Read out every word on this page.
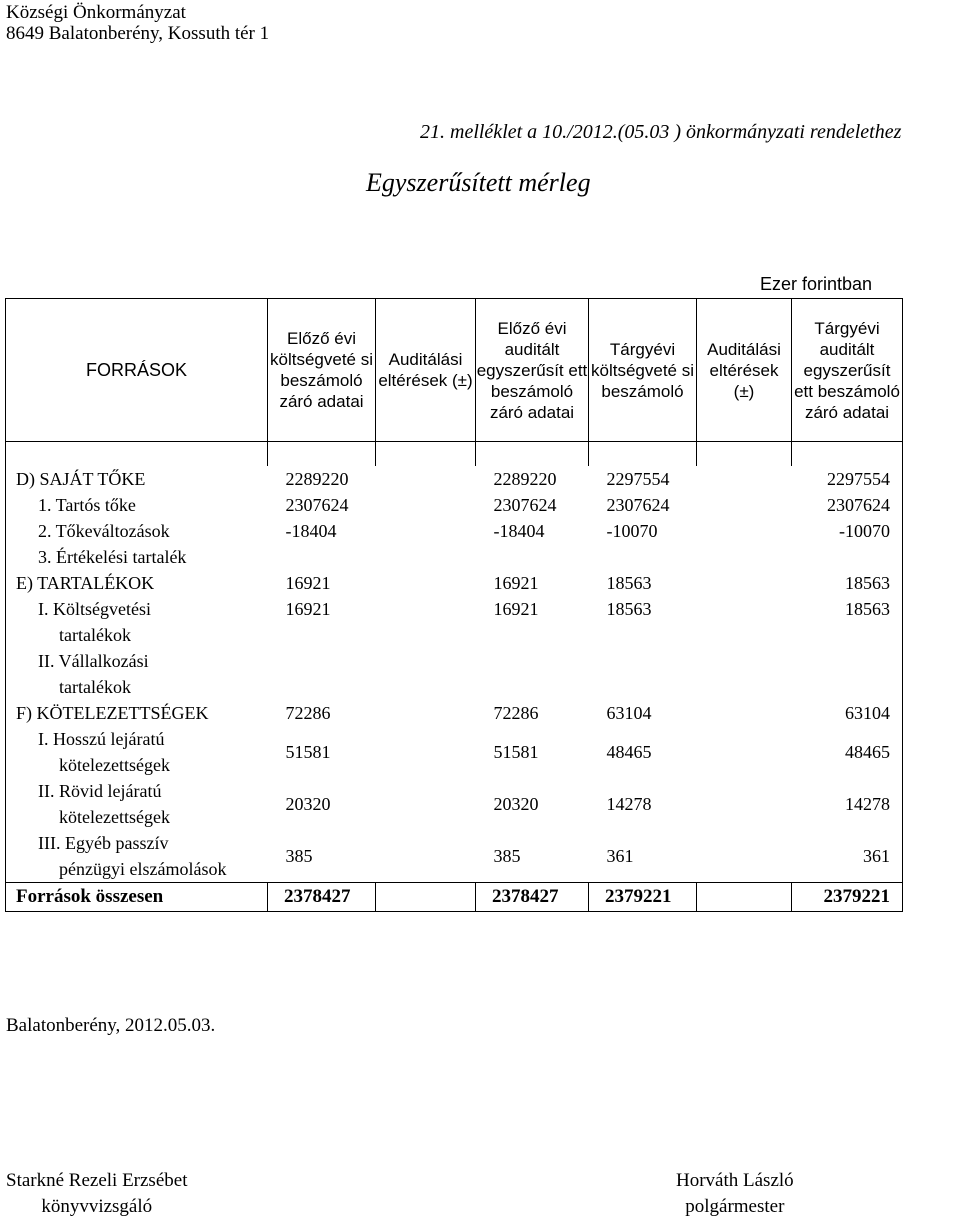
Községi Önkormányzat
8649 Balatonberény, Kossuth tér 1
21. melléklet a 10./2012.(05.03 ) önkormányzati rendelethez
Egyszerűsített mérleg
Ezer forintban
FORRÁSOK	Előző évi költségveté si beszámoló záró adatai	Auditálási eltérések (±)	Előző évi auditált egyszerűsít ett beszámoló záró adatai	Tárgyévi költségveté si beszámoló	Auditálási eltérések (±)	Tárgyévi auditált egyszerűsít ett beszámoló záró adatai

D) SAJÁT TŐKE	2289220		2289220	2297554		2297554
1. Tartós tőke	2307624		2307624	2307624		2307624
2. Tőkeváltozások	-18404		-18404	-10070		-10070
3. Értékelési tartalék						
E) TARTALÉKOK	16921		16921	18563		18563
I. Költségvetési
tartalékok	16921		16921	18563		18563
II. Vállalkozási
tartalékok						

F) KÖTELEZETTSÉGEK	72286		72286	63104		63104
I. Hosszú lejáratú
kötelezettségek	51581		51581	48465		48465
II. Rövid lejáratú
kötelezettségek	20320		20320	14278		14278
III. Egyéb passzív
pénzügyi elszámolások	385		385	361		361
Források összesen	2378427		2378427	2379221		2379221
Balatonberény, 2012.05.03.
Starkné Rezeli Erzsébet
könyvvizsgáló
Horváth László
polgármester
